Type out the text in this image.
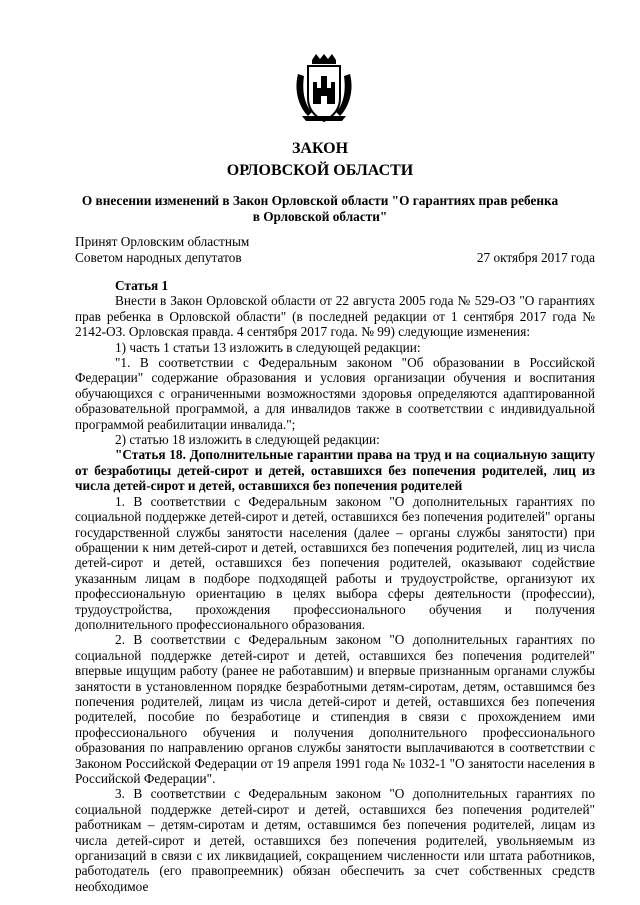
ЗАКОН
ОРЛОВСКОЙ ОБЛАСТИ
О внесении изменений в Закон Орловской области "О гарантиях прав ребенка в Орловской области"
Принят Орловским областным
Советом народных депутатов	27 октября 2017 года

Статья 1

Внести в Закон Орловской области от 22 августа 2005 года № 529-ОЗ "О гарантиях прав ребенка в Орловской области" (в последней редакции от 1 сентября 2017 года № 2142-ОЗ. Орловская правда. 4 сентября 2017 года. № 99) следующие изменения:

1) часть 1 статьи 13 изложить в следующей редакции:

"1. В соответствии с Федеральным законом "Об образовании в Российской Федерации" содержание образования и условия организации обучения и воспитания обучающихся с ограниченными возможностями здоровья определяются адаптированной образовательной программой, а для инвалидов также в соответствии с индивидуальной программой реабилитации инвалида.";

2) статью 18 изложить в следующей редакции:

"Статья 18. Дополнительные гарантии права на труд и на социальную защиту от безработицы детей-сирот и детей, оставшихся без попечения родителей, лиц из числа детей-сирот и детей, оставшихся без попечения родителей

1. В соответствии с Федеральным законом "О дополнительных гарантиях по социальной поддержке детей-сирот и детей, оставшихся без попечения родителей" органы государственной службы занятости населения (далее – органы службы занятости) при обращении к ним детей-сирот и детей, оставшихся без попечения родителей, лиц из числа детей-сирот и детей, оставшихся без попечения родителей, оказывают содействие указанным лицам в подборе подходящей работы и трудоустройстве, организуют их профессиональную ориентацию в целях выбора сферы деятельности (профессии), трудоустройства, прохождения профессионального обучения и получения дополнительного профессионального образования.

2. В соответствии с Федеральным законом "О дополнительных гарантиях по социальной поддержке детей-сирот и детей, оставшихся без попечения родителей" впервые ищущим работу (ранее не работавшим) и впервые признанным органами службы занятости в установленном порядке безработными детям-сиротам, детям, оставшимся без попечения родителей, лицам из числа детей-сирот и детей, оставшихся без попечения родителей, пособие по безработице и стипендия в связи с прохождением ими профессионального обучения и получения дополнительного профессионального образования по направлению органов службы занятости выплачиваются в соответствии с Законом Российской Федерации от 19 апреля 1991 года № 1032-1 "О занятости населения в Российской Федерации".

3. В соответствии с Федеральным законом "О дополнительных гарантиях по социальной поддержке детей-сирот и детей, оставшихся без попечения родителей" работникам – детям-сиротам и детям, оставшимся без попечения родителей, лицам из числа детей-сирот и детей, оставшихся без попечения родителей, увольняемым из организаций в связи с их ликвидацией, сокращением численности или штата работников, работодатель (его правопреемник) обязан обеспечить за счет собственных средств необходимое
